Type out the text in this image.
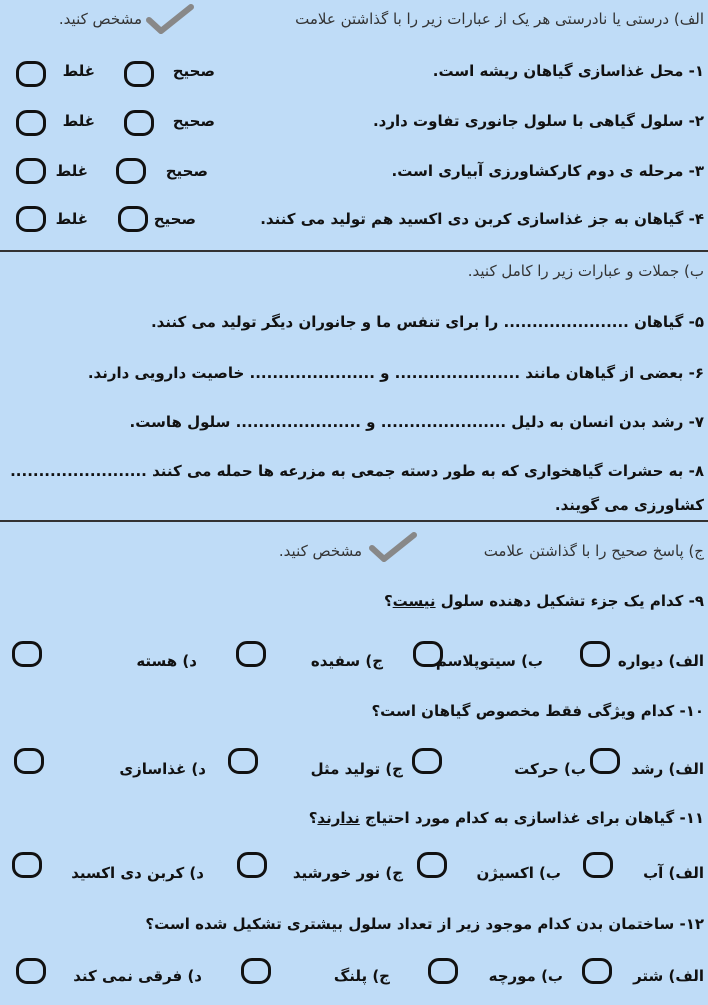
الف) درستی یا نادرستی هر یک از عبارات زیر را با گذاشتن علامت
مشخص کنید.
۱- محل غذاسازی گیاهان ریشه است.
صحیح
غلط
۲- سلول گیاهی با سلول جانوری تفاوت دارد.
صحیح
غلط
۳- مرحله ی دوم کارکشاورزی آبیاری است.
صحیح
غلط
۴- گیاهان به جز غذاسازی کربن دی اکسید هم تولید می کنند.
صحیح
غلط
ب) جملات و عبارات زیر را کامل کنید.
۵- گیاهان ...................... را برای تنفس ما و جانوران دیگر تولید می کنند.
۶- بعضی از گیاهان مانند ...................... و ...................... خاصیت دارویی دارند.
۷- رشد بدن انسان به دلیل ...................... و ...................... سلول هاست.
۸- به حشرات گیاهخواری که به طور دسته جمعی به مزرعه ها حمله می کنند ........................
کشاورزی می گویند.
ج) پاسخ صحیح را با گذاشتن علامت
مشخص کنید.
۹- کدام یک جزء تشکیل دهنده سلول نیست؟
الف) دیواره
ب) سیتوپلاسم
ج) سفیده
د) هسته
۱۰- کدام ویژگی فقط مخصوص گیاهان است؟
الف) رشد
ب) حرکت
ج) تولید مثل
د) غذاسازی
۱۱- گیاهان برای غذاسازی به کدام مورد احتیاج ندارند؟
الف) آب
ب) اکسیژن
ج) نور خورشید
د) کربن دی اکسید
۱۲- ساختمان بدن کدام موجود زیر از تعداد سلول بیشتری تشکیل شده است؟
الف) شتر
ب) مورچه
ج) پلنگ
د) فرقی نمی کند
